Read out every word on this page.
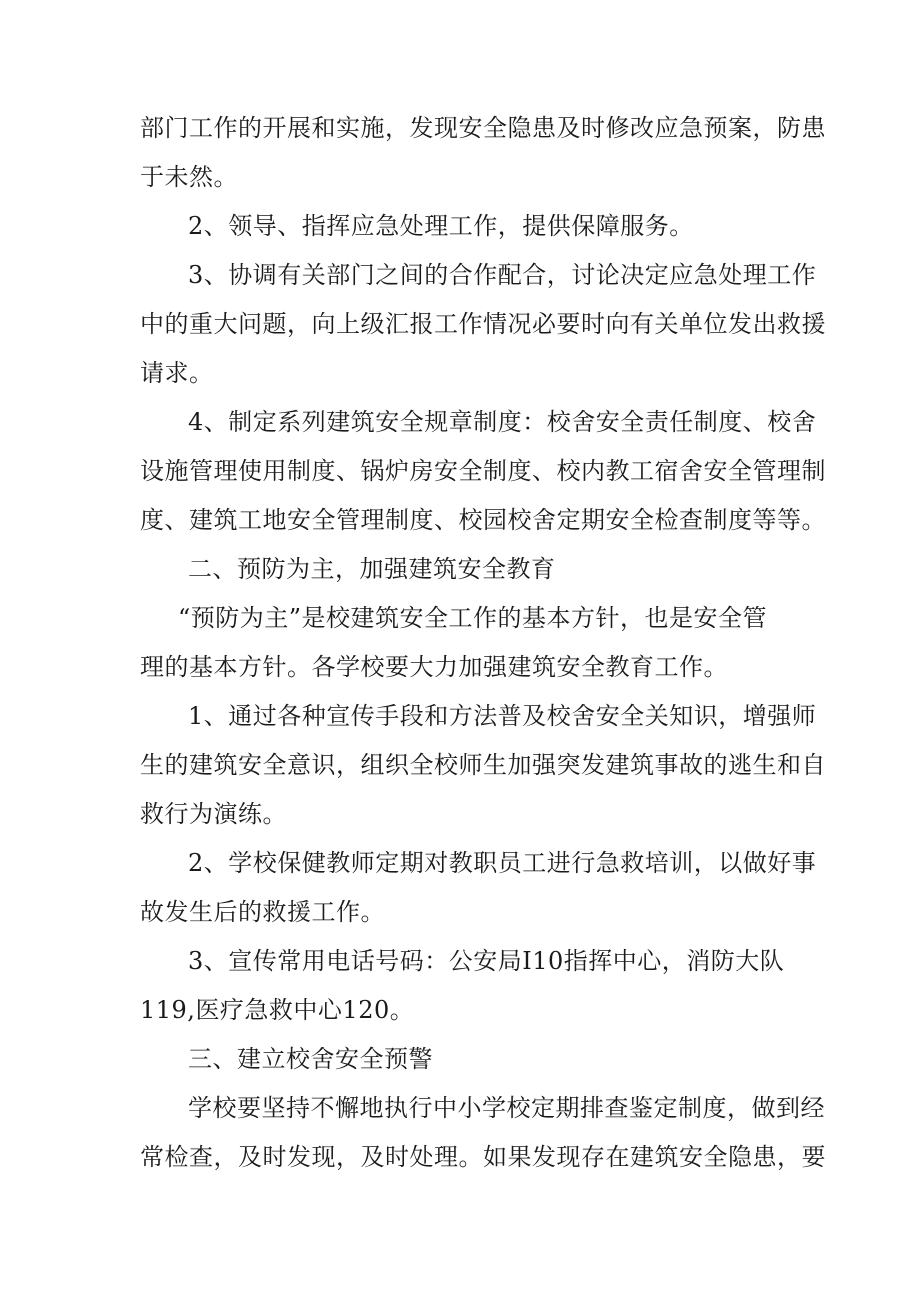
部门工作的开展和实施，发现安全隐患及时修改应急预案，防患
于未然。
2、领导、指挥应急处理工作，提供保障服务。
3、协调有关部门之间的合作配合，讨论决定应急处理工作
中的重大问题，向上级汇报工作情况必要时向有关单位发出救援
请求。
4、制定系列建筑安全规章制度：校舍安全责任制度、校舍
设施管理使用制度、锅炉房安全制度、校内教工宿舍安全管理制
度、建筑工地安全管理制度、校园校舍定期安全检查制度等等。
二、预防为主，加强建筑安全教育
“预防为主”是校建筑安全工作的基本方针，也是安全管
理的基本方针。各学校要大力加强建筑安全教育工作。
1、通过各种宣传手段和方法普及校舍安全关知识，增强师
生的建筑安全意识，组织全校师生加强突发建筑事故的逃生和自
救行为演练。
2、学校保健教师定期对教职员工进行急救培训，以做好事
故发生后的救援工作。
3、宣传常用电话号码：公安局I10指挥中心，消防大队
119,医疗急救中心120。
三、建立校舍安全预警
学校要坚持不懈地执行中小学校定期排查鉴定制度，做到经
常检查，及时发现，及时处理。如果发现存在建筑安全隐患，要
